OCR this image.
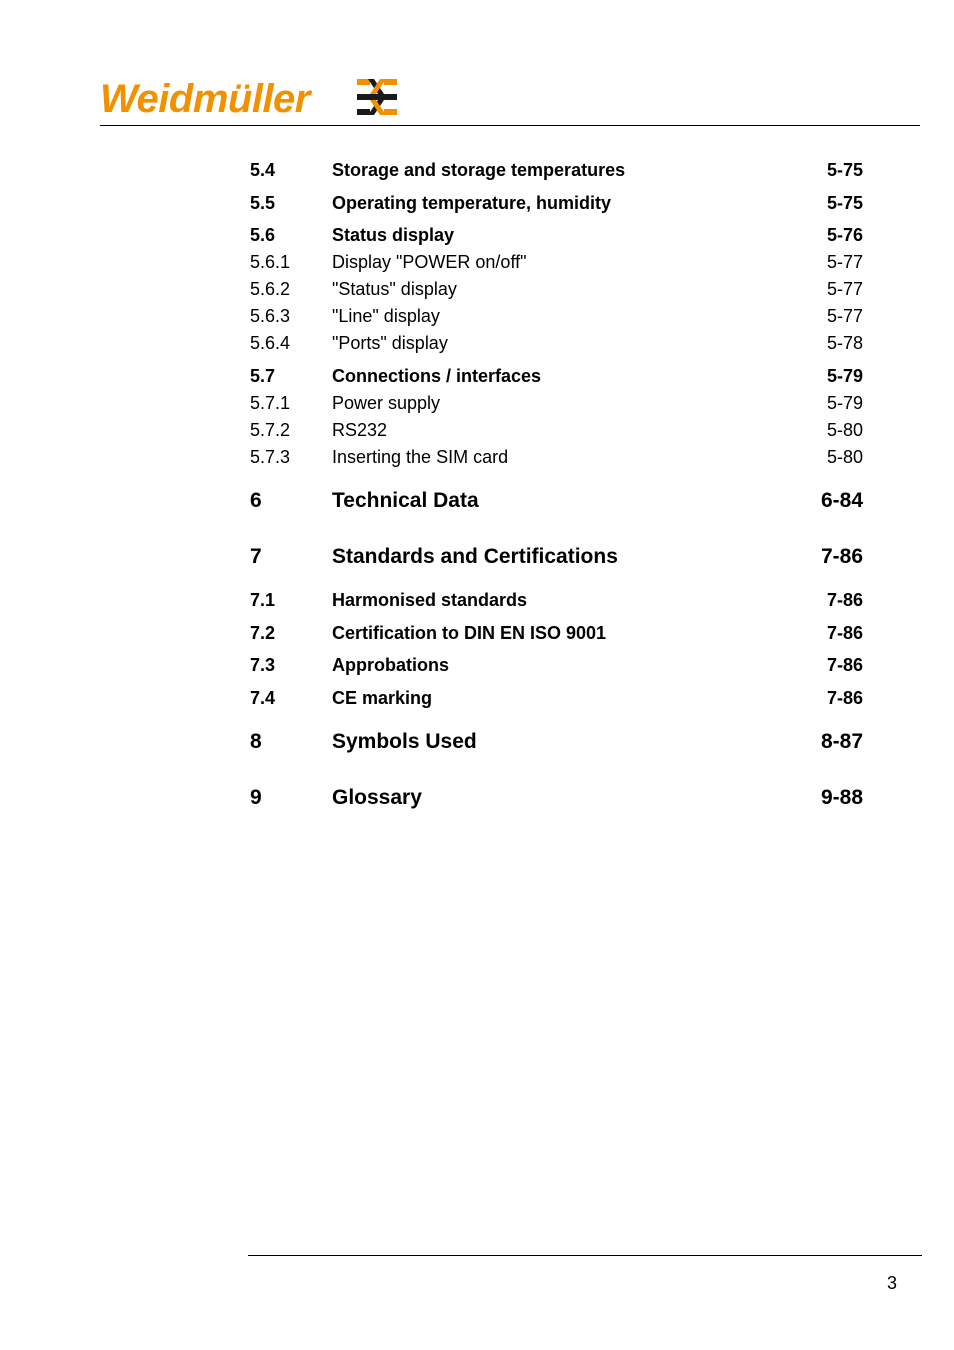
Weidmüller
5.4	Storage and storage temperatures	5-75
5.5	Operating temperature, humidity	5-75
5.6	Status display	5-76
5.6.1 Display "POWER on/off"	5-77
5.6.2 "Status" display	5-77
5.6.3 "Line" display	5-77
5.6.4 "Ports" display	5-78
5.7	Connections / interfaces	5-79
5.7.1 Power supply	5-79
5.7.2 RS232	5-80
5.7.3 Inserting the SIM card	5-80
6	Technical Data	6-84
7	Standards and Certifications	7-86
7.1	Harmonised standards	7-86
7.2	Certification to DIN EN ISO 9001	7-86
7.3	Approbations	7-86
7.4	CE marking	7-86
8	Symbols Used	8-87
9	Glossary	9-88
3
